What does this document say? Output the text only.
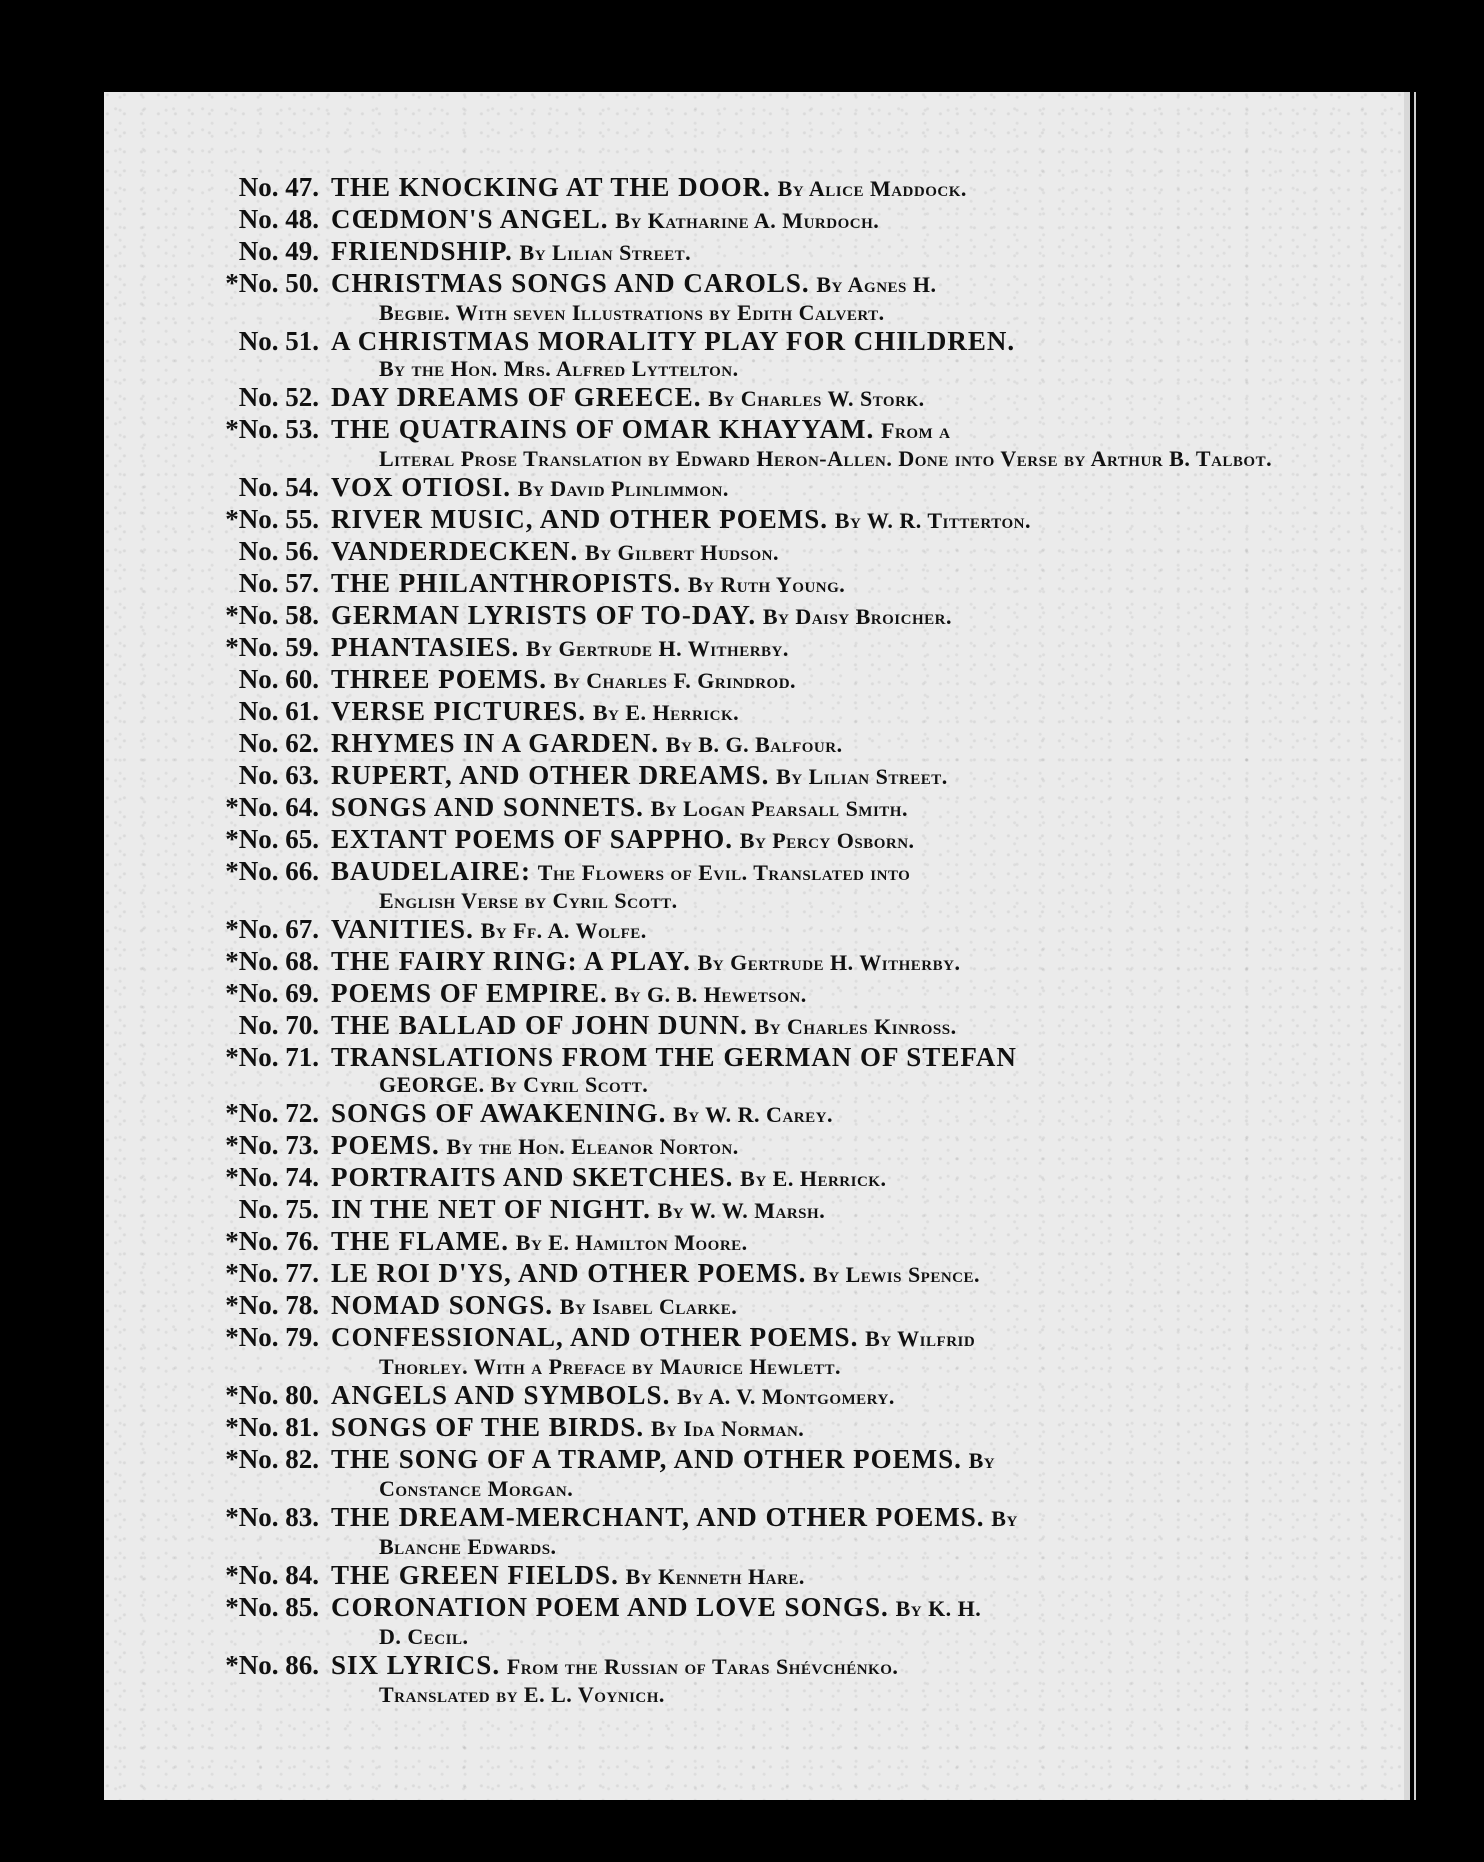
No. 47. THE KNOCKING AT THE DOOR. By Alice Maddock.
No. 48. CŒDMON'S ANGEL. By Katharine A. Murdoch.
No. 49. FRIENDSHIP. By Lilian Street.
*No. 50. CHRISTMAS SONGS AND CAROLS. By Agnes H.
Begbie. With seven Illustrations by Edith Calvert.
No. 51. A CHRISTMAS MORALITY PLAY FOR CHILDREN.
By the Hon. Mrs. Alfred Lyttelton.
No. 52. DAY DREAMS OF GREECE. By Charles W. Stork.
*No. 53. THE QUATRAINS OF OMAR KHAYYAM. From a
Literal Prose Translation by Edward Heron-Allen. Done into Verse by Arthur B. Talbot.
No. 54. VOX OTIOSI. By David Plinlimmon.
*No. 55. RIVER MUSIC, AND OTHER POEMS. By W. R. Titterton.
No. 56. VANDERDECKEN. By Gilbert Hudson.
No. 57. THE PHILANTHROPISTS. By Ruth Young.
*No. 58. GERMAN LYRISTS OF TO-DAY. By Daisy Broicher.
*No. 59. PHANTASIES. By Gertrude H. Witherby.
No. 60. THREE POEMS. By Charles F. Grindrod.
No. 61. VERSE PICTURES. By E. Herrick.
No. 62. RHYMES IN A GARDEN. By B. G. Balfour.
No. 63. RUPERT, AND OTHER DREAMS. By Lilian Street.
*No. 64. SONGS AND SONNETS. By Logan Pearsall Smith.
*No. 65. EXTANT POEMS OF SAPPHO. By Percy Osborn.
*No. 66. BAUDELAIRE: The Flowers of Evil. Translated into
English Verse by Cyril Scott.
*No. 67. VANITIES. By Ff. A. Wolfe.
*No. 68. THE FAIRY RING: A PLAY. By Gertrude H. Witherby.
*No. 69. POEMS OF EMPIRE. By G. B. Hewetson.
No. 70. THE BALLAD OF JOHN DUNN. By Charles Kinross.
*No. 71. TRANSLATIONS FROM THE GERMAN OF STEFAN
GEORGE. By Cyril Scott.
*No. 72. SONGS OF AWAKENING. By W. R. Carey.
*No. 73. POEMS. By the Hon. Eleanor Norton.
*No. 74. PORTRAITS AND SKETCHES. By E. Herrick.
No. 75. IN THE NET OF NIGHT. By W. W. Marsh.
*No. 76. THE FLAME. By E. Hamilton Moore.
*No. 77. LE ROI D'YS, AND OTHER POEMS. By Lewis Spence.
*No. 78. NOMAD SONGS. By Isabel Clarke.
*No. 79. CONFESSIONAL, AND OTHER POEMS. By Wilfrid
Thorley. With a Preface by Maurice Hewlett.
*No. 80. ANGELS AND SYMBOLS. By A. V. Montgomery.
*No. 81. SONGS OF THE BIRDS. By Ida Norman.
*No. 82. THE SONG OF A TRAMP, AND OTHER POEMS. By
Constance Morgan.
*No. 83. THE DREAM-MERCHANT, AND OTHER POEMS. By
Blanche Edwards.
*No. 84. THE GREEN FIELDS. By Kenneth Hare.
*No. 85. CORONATION POEM AND LOVE SONGS. By K. H.
D. Cecil.
*No. 86. SIX LYRICS. From the Russian of Taras Shévchénko.
Translated by E. L. Voynich.
